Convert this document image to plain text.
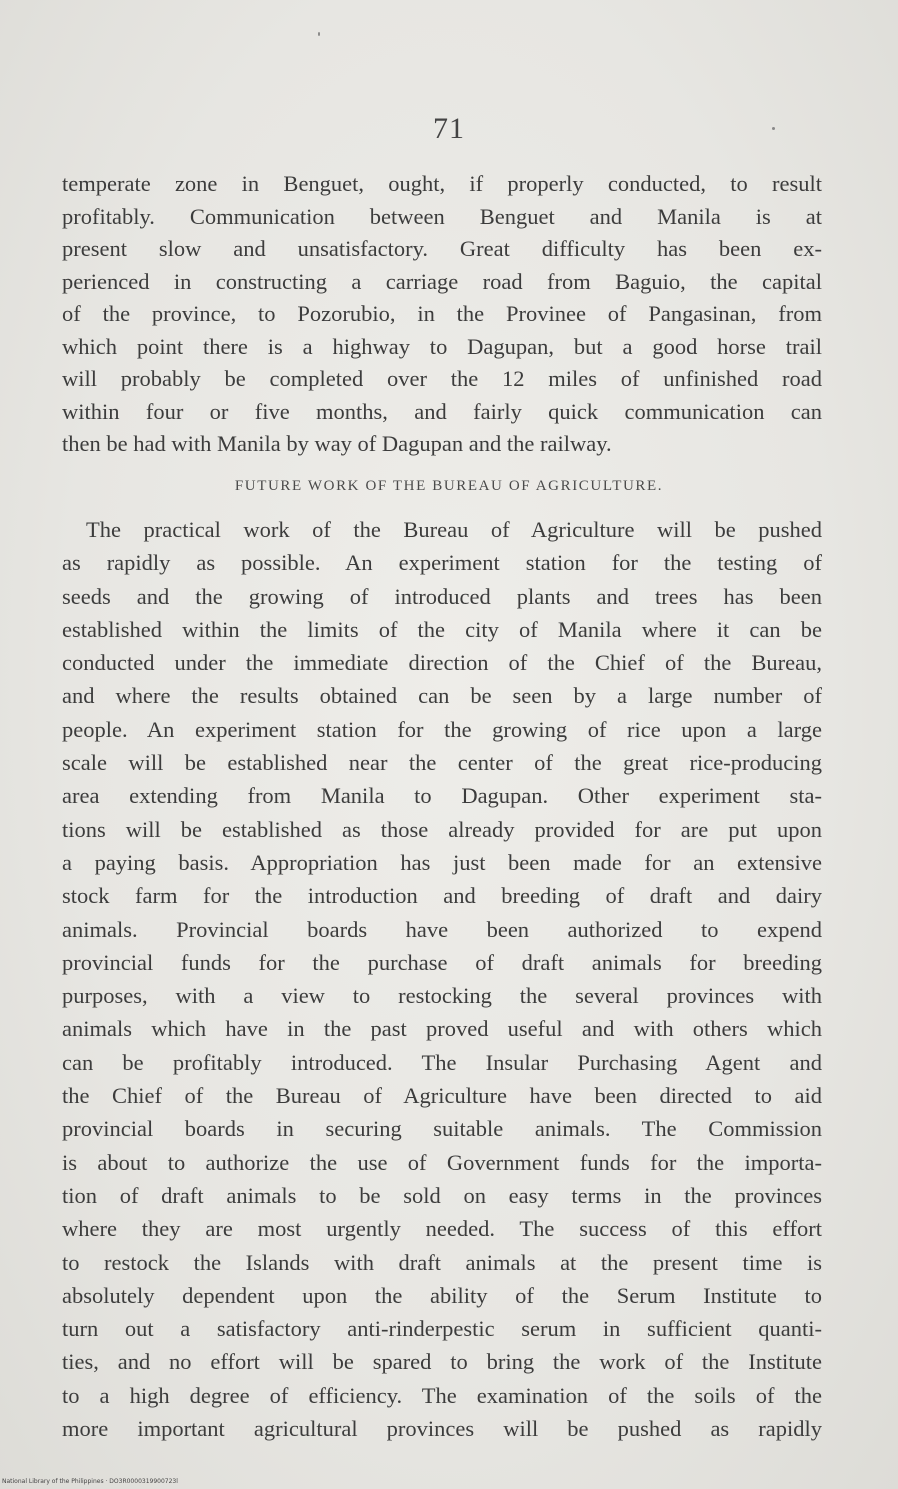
71
temperate zone in Benguet, ought, if properly conducted, to result
profitably. Communication between Benguet and Manila is at
present slow and unsatisfactory. Great difficulty has been ex-
perienced in constructing a carriage road from Baguio, the capital
of the province, to Pozorubio, in the Provinee of Pangasinan, from
which point there is a highway to Dagupan, but a good horse trail
will probably be completed over the 12 miles of unfinished road
within four or five months, and fairly quick communication can
then be had with Manila by way of Dagupan and the railway.
FUTURE WORK OF THE BUREAU OF AGRICULTURE.
The practical work of the Bureau of Agriculture will be pushed
as rapidly as possible. An experiment station for the testing of
seeds and the growing of introduced plants and trees has been
established within the limits of the city of Manila where it can be
conducted under the immediate direction of the Chief of the Bureau,
and where the results obtained can be seen by a large number of
people. An experiment station for the growing of rice upon a large
scale will be established near the center of the great rice-producing
area extending from Manila to Dagupan. Other experiment sta-
tions will be established as those already provided for are put upon
a paying basis. Appropriation has just been made for an extensive
stock farm for the introduction and breeding of draft and dairy
animals. Provincial boards have been authorized to expend
provincial funds for the purchase of draft animals for breeding
purposes, with a view to restocking the several provinces with
animals which have in the past proved useful and with others which
can be profitably introduced. The Insular Purchasing Agent and
the Chief of the Bureau of Agriculture have been directed to aid
provincial boards in securing suitable animals. The Commission
is about to authorize the use of Government funds for the importa-
tion of draft animals to be sold on easy terms in the provinces
where they are most urgently needed. The success of this effort
to restock the Islands with draft animals at the present time is
absolutely dependent upon the ability of the Serum Institute to
turn out a satisfactory anti-rinderpestic serum in sufficient quanti-
ties, and no effort will be spared to bring the work of the Institute
to a high degree of efficiency. The examination of the soils of the
more important agricultural provinces will be pushed as rapidly
National Library of the Philippines · DO3R0000319900723l
